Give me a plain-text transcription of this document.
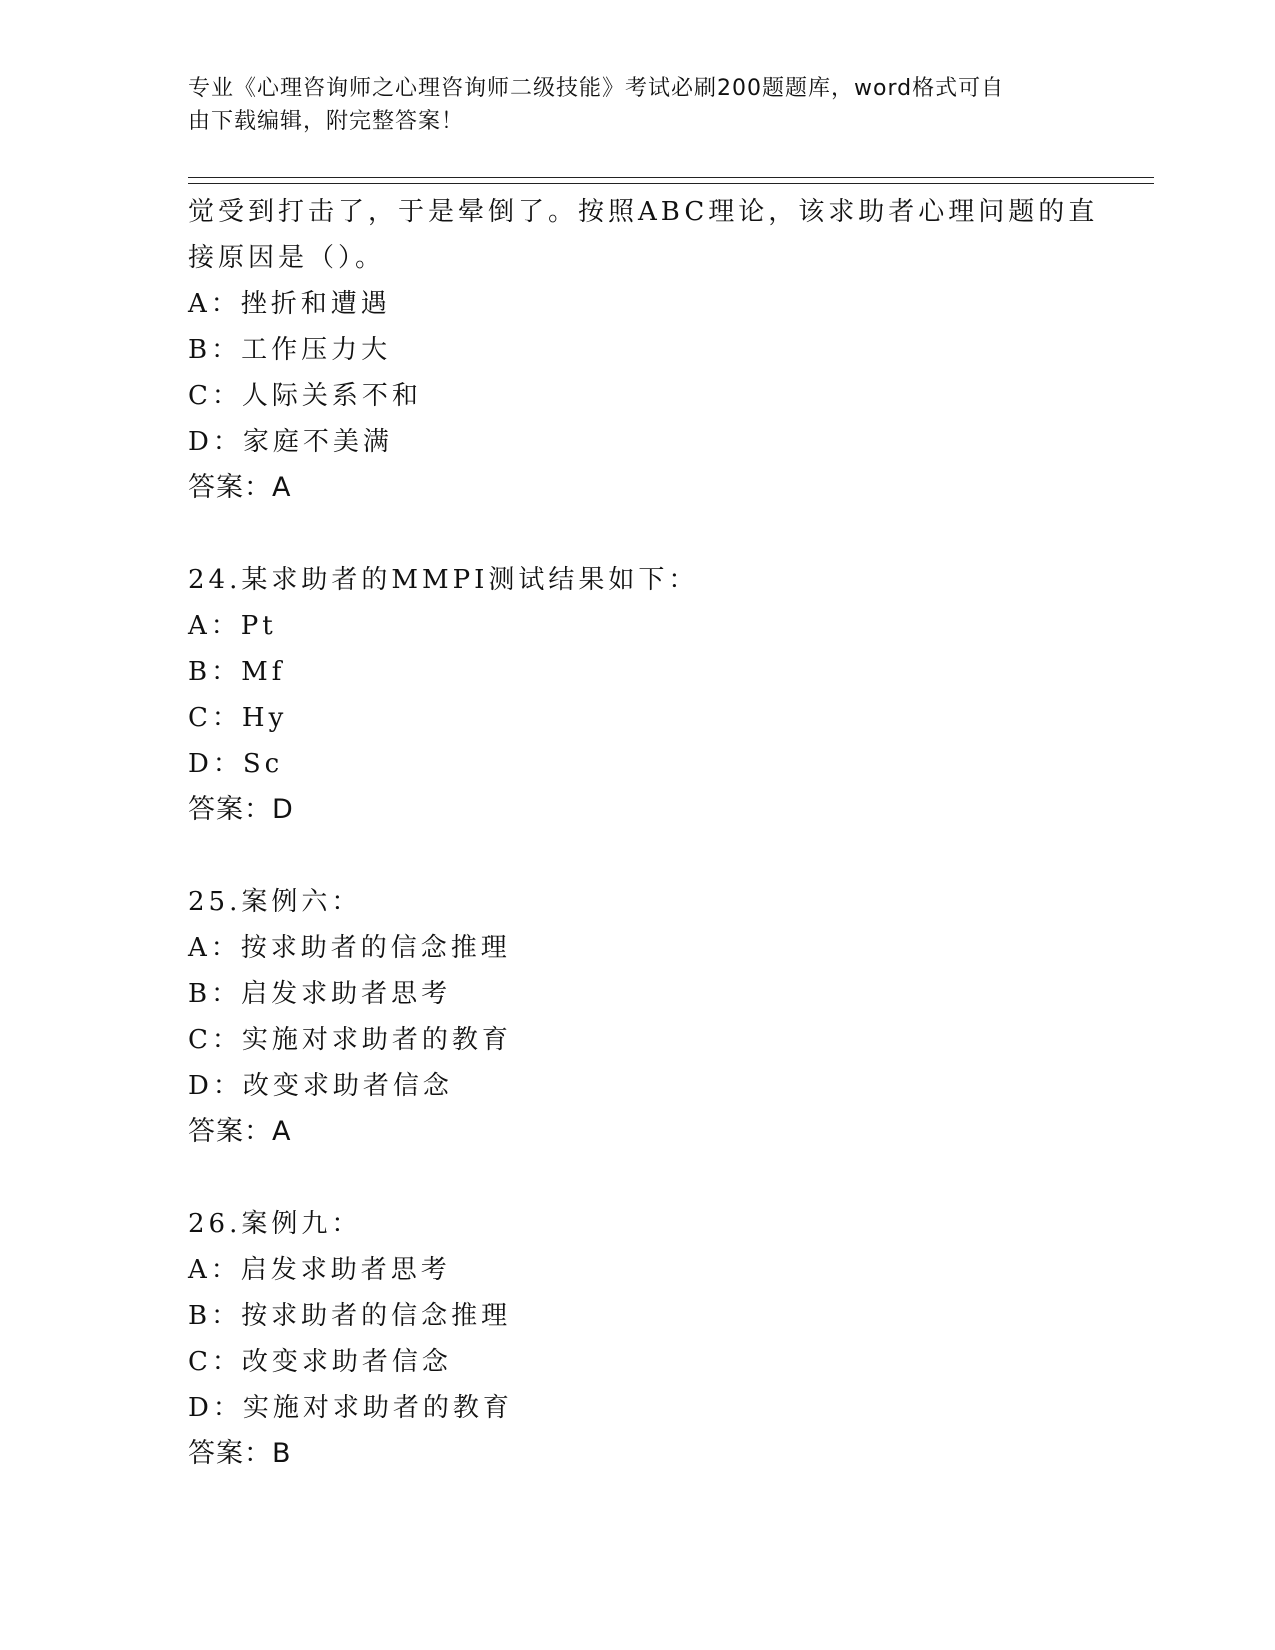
专业《心理咨询师之心理咨询师二级技能》考试必刷200题题库，word格式可自
由下载编辑，附完整答案！
觉受到打击了，于是晕倒了。按照ABC理论，该求助者心理问题的直
接原因是（）。
A：挫折和遭遇
B：工作压力大
C：人际关系不和
D：家庭不美满
答案：A
24.某求助者的MMPI测试结果如下：
A：Pt
B：Mf
C：Hy
D：Sc
答案：D
25.案例六：
A：按求助者的信念推理
B：启发求助者思考
C：实施对求助者的教育
D：改变求助者信念
答案：A
26.案例九：
A：启发求助者思考
B：按求助者的信念推理
C：改变求助者信念
D：实施对求助者的教育
答案：B
